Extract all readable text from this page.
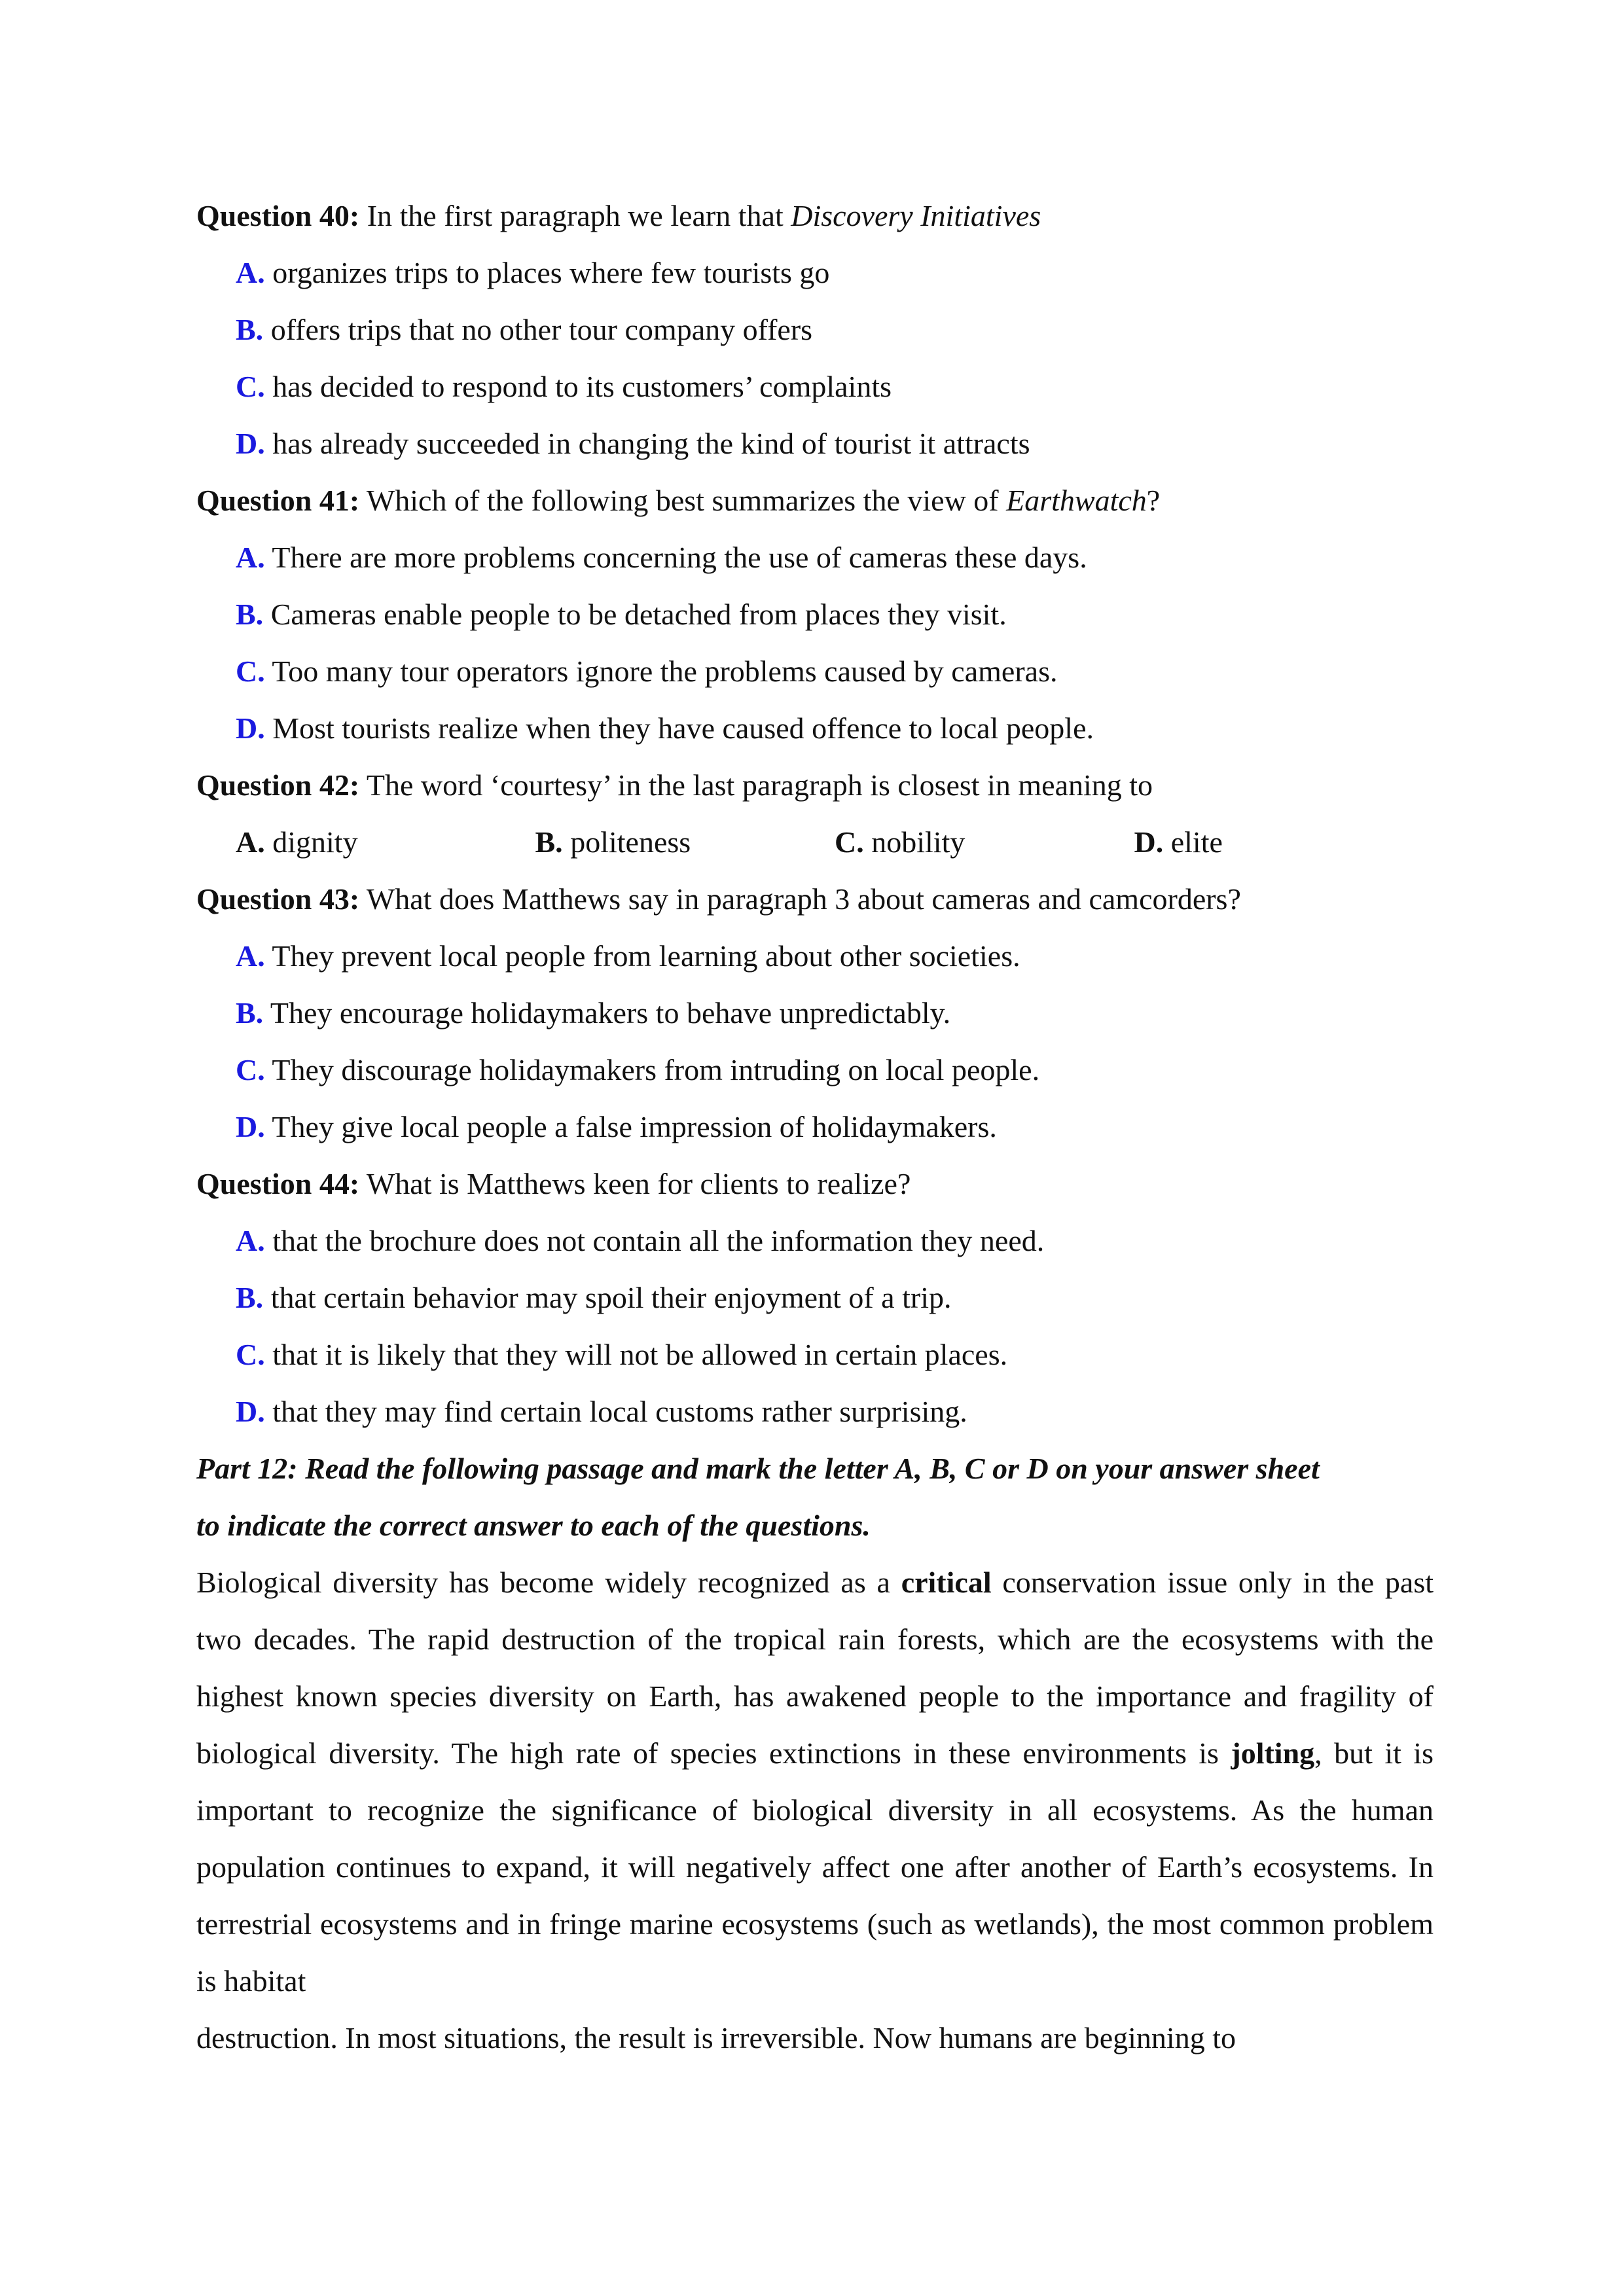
Question 40: In the first paragraph we learn that Discovery Initiatives
A. organizes trips to places where few tourists go
B. offers trips that no other tour company offers
C. has decided to respond to its customers’ complaints
D. has already succeeded in changing the kind of tourist it attracts
Question 41: Which of the following best summarizes the view of Earthwatch?
A. There are more problems concerning the use of cameras these days.
B. Cameras enable people to be detached from places they visit.
C. Too many tour operators ignore the problems caused by cameras.
D. Most tourists realize when they have caused offence to local people.
Question 42: The word ‘courtesy’ in the last paragraph is closest in meaning to
A. dignity	B. politeness	C. nobility	D. elite
Question 43: What does Matthews say in paragraph 3 about cameras and camcorders?
A. They prevent local people from learning about other societies.
B. They encourage holidaymakers to behave unpredictably.
C. They discourage holidaymakers from intruding on local people.
D. They give local people a false impression of holidaymakers.
Question 44: What is Matthews keen for clients to realize?
A. that the brochure does not contain all the information they need.
B. that certain behavior may spoil their enjoyment of a trip.
C. that it is likely that they will not be allowed in certain places.
D. that they may find certain local customs rather surprising.
Part 12: Read the following passage and mark the letter A, B, C or D on your answer sheet
to indicate the correct answer to each of the questions.

Biological diversity has become widely recognized as a critical conservation issue only in the past two decades. The rapid destruction of the tropical rain forests, which are the ecosystems with the highest known species diversity on Earth, has awakened people to the importance and fragility of biological diversity. The high rate of species extinctions in these environments is jolting, but it is important to recognize the significance of biological diversity in all ecosystems. As the human population continues to expand, it will negatively affect one after another of Earth’s ecosystems. In terrestrial ecosystems and in fringe marine ecosystems (such as wetlands), the most common problem is habitat

destruction. In most situations, the result is irreversible. Now humans are beginning to
